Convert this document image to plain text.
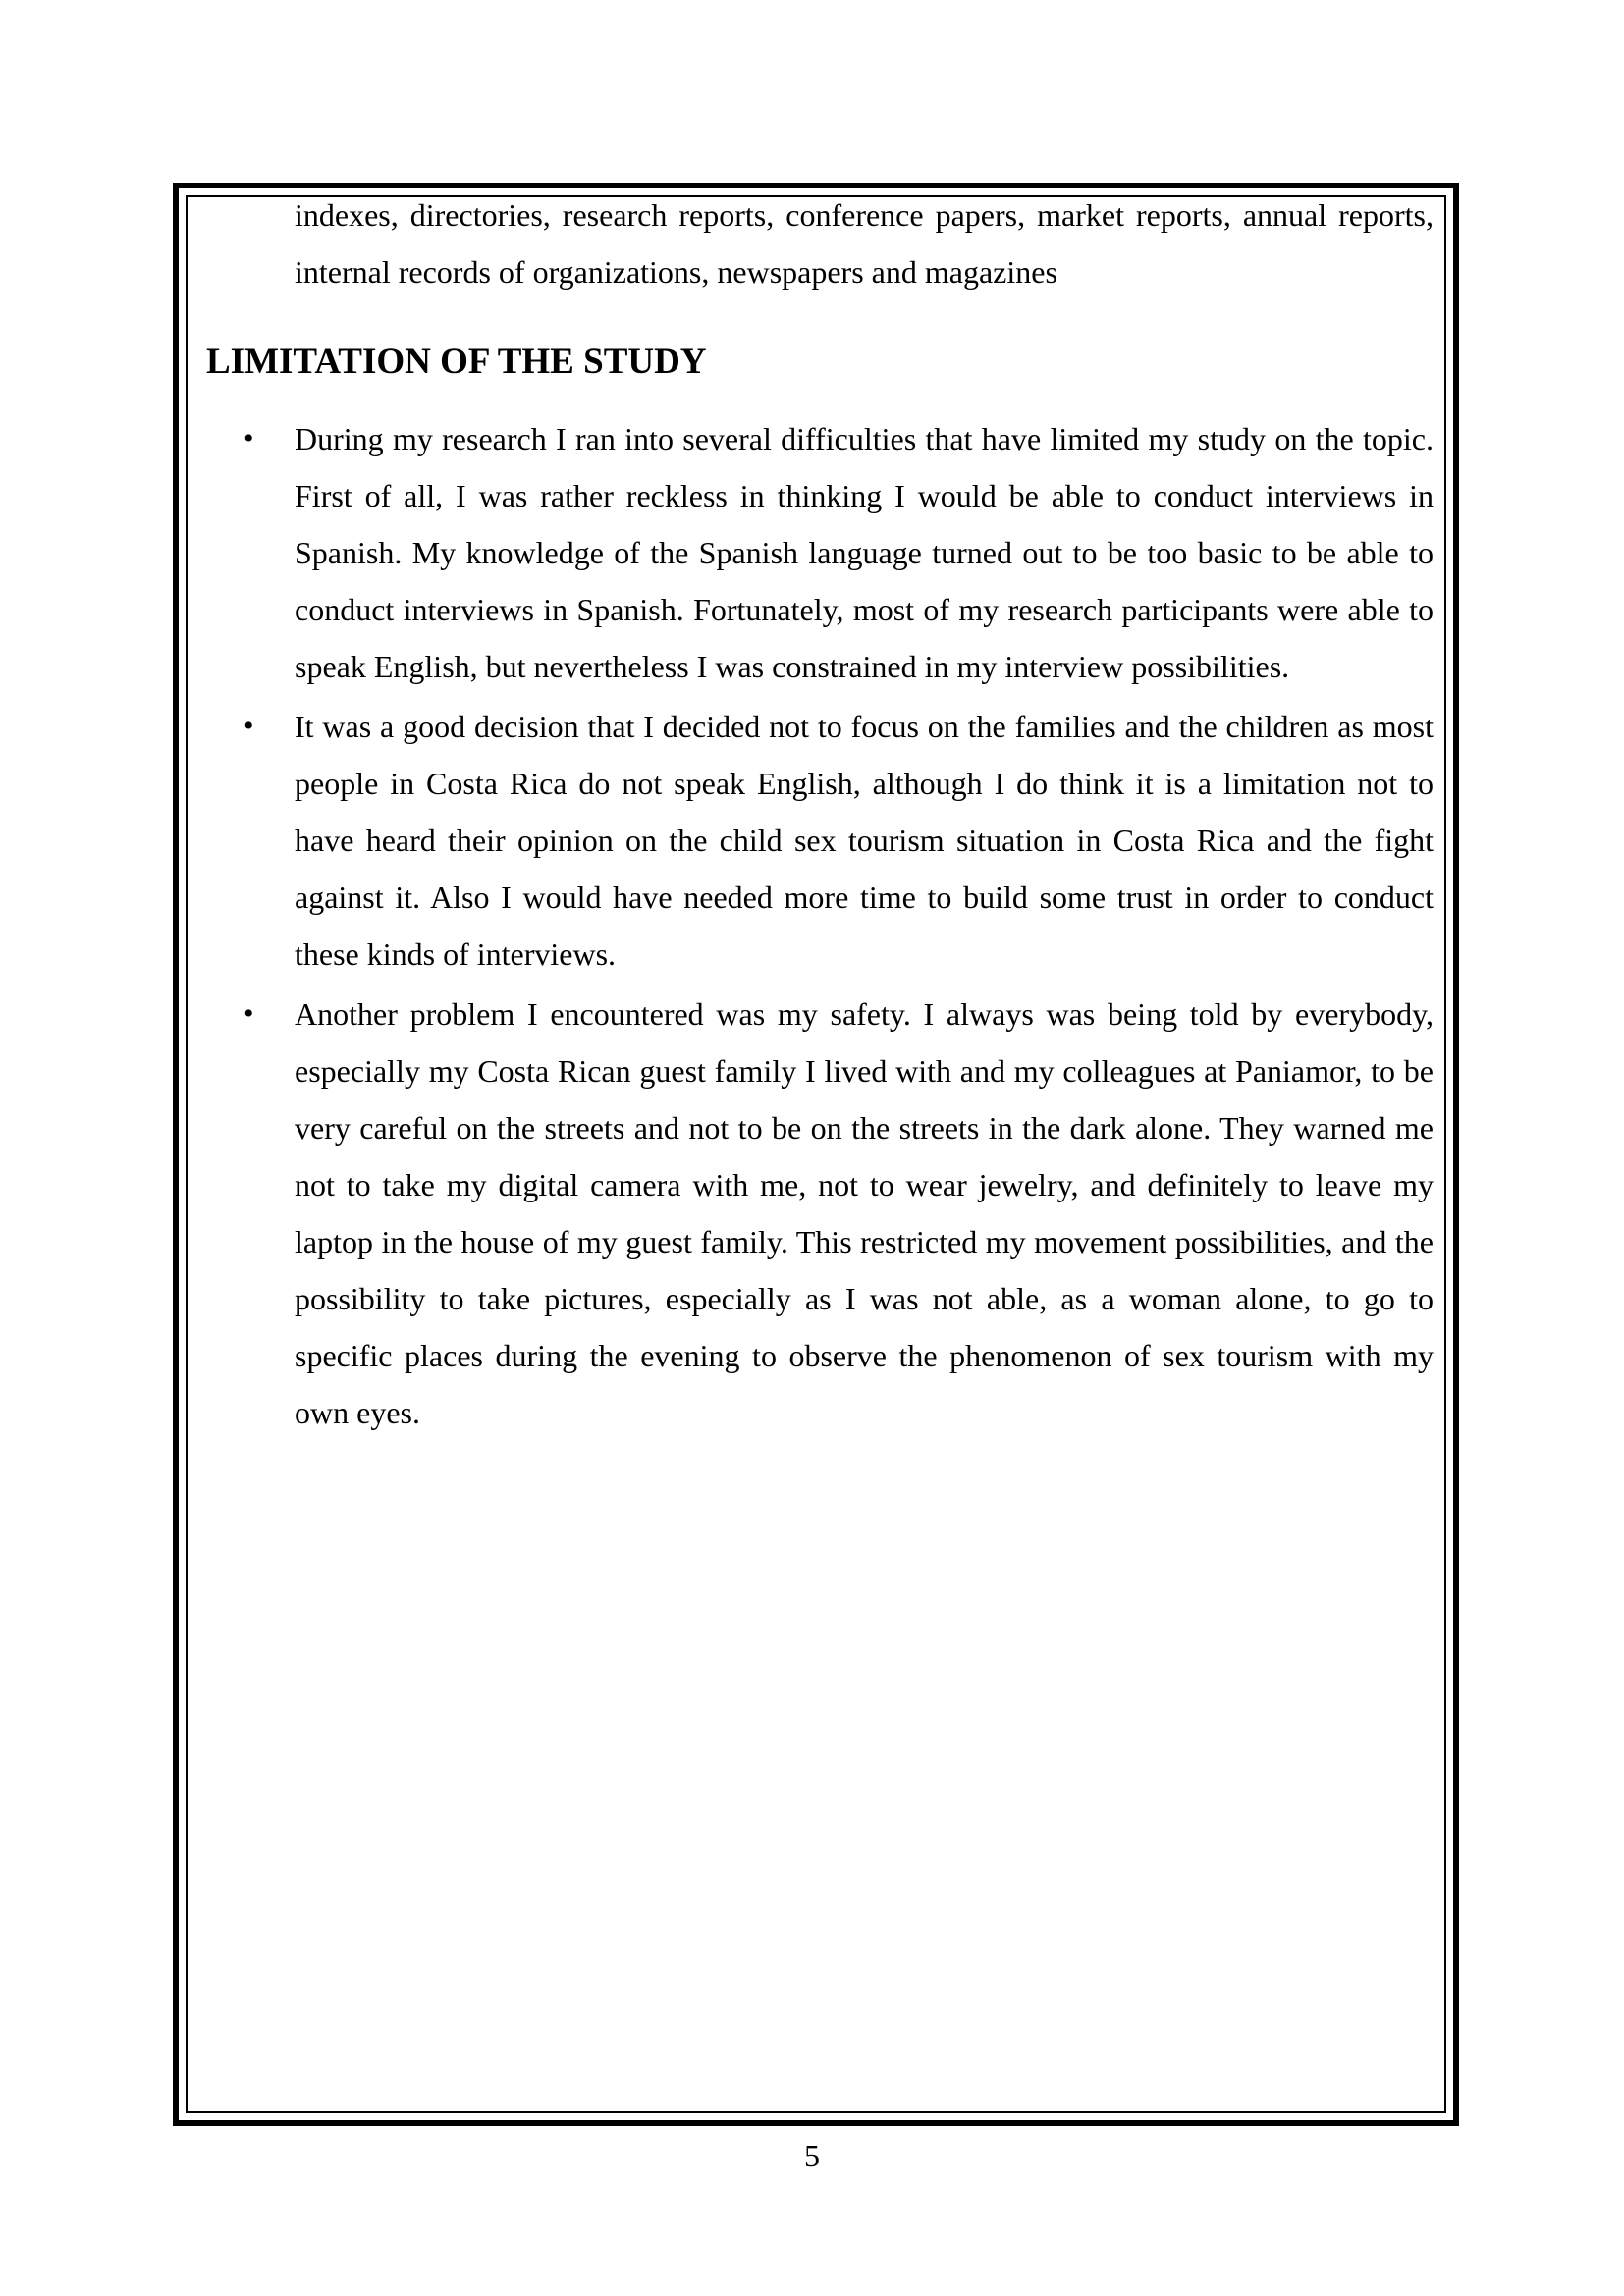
indexes, directories, research reports, conference papers, market reports, annual reports, internal records of organizations, newspapers and magazines

LIMITATION OF THE STUDY
• During my research I ran into several difficulties that have limited my study on the topic. First of all, I was rather reckless in thinking I would be able to conduct interviews in Spanish. My knowledge of the Spanish language turned out to be too basic to be able to conduct interviews in Spanish. Fortunately, most of my research participants were able to speak English, but nevertheless I was constrained in my interview possibilities.
• It was a good decision that I decided not to focus on the families and the children as most people in Costa Rica do not speak English, although I do think it is a limitation not to have heard their opinion on the child sex tourism situation in Costa Rica and the fight against it. Also I would have needed more time to build some trust in order to conduct these kinds of interviews.
• Another problem I encountered was my safety. I always was being told by everybody, especially my Costa Rican guest family I lived with and my colleagues at Paniamor, to be very careful on the streets and not to be on the streets in the dark alone. They warned me not to take my digital camera with me, not to wear jewelry, and definitely to leave my laptop in the house of my guest family. This restricted my movement possibilities, and the possibility to take pictures, especially as I was not able, as a woman alone, to go to specific places during the evening to observe the phenomenon of sex tourism with my own eyes.
5
